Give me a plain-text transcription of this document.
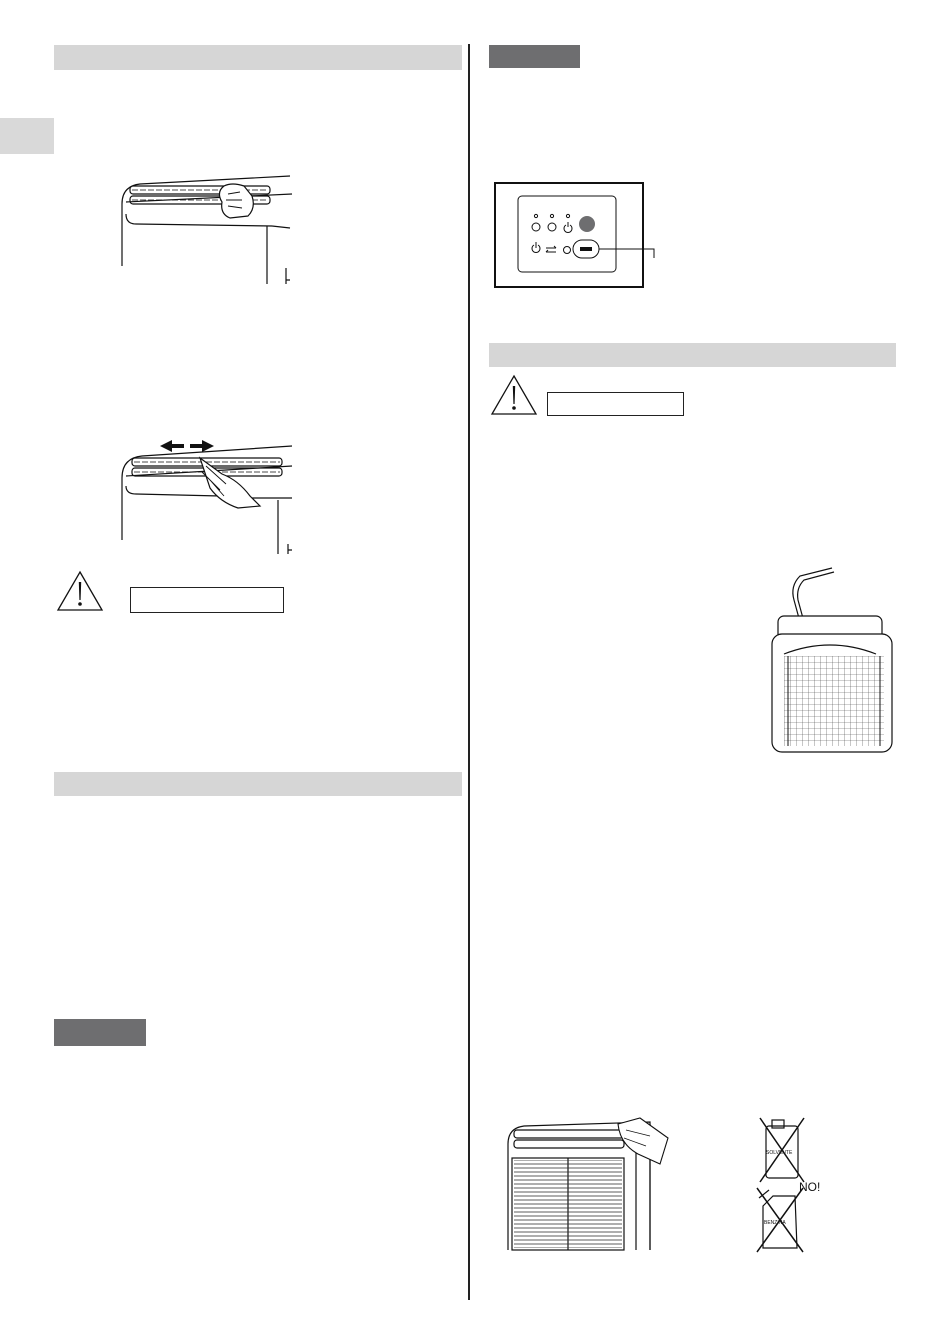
SOLVENTE
NO!
BENZINA
